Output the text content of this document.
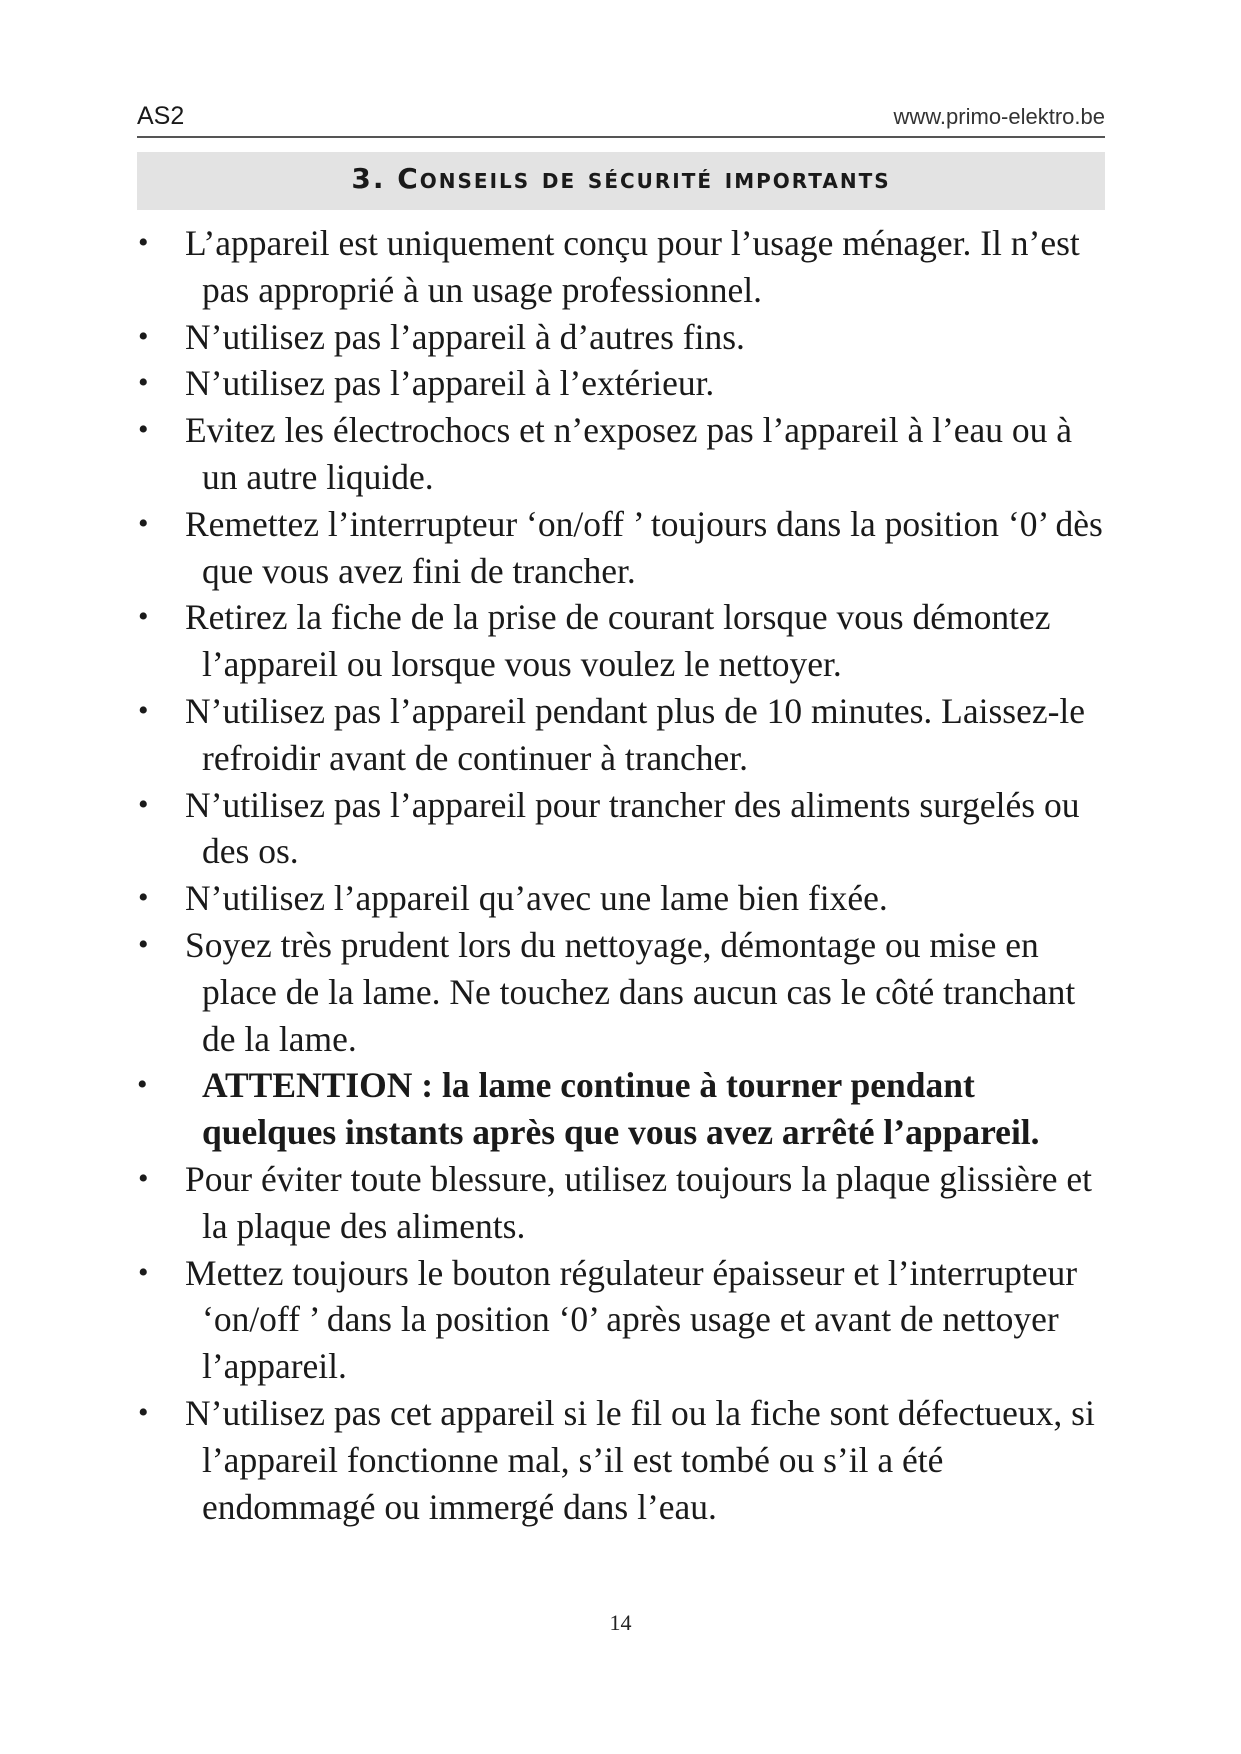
AS2	www.primo-elektro.be
3. Conseils de sécurité importants
• L’appareil est uniquement conçu pour l’usage ménager. Il n’est pas approprié à un usage professionnel.
• N’utilisez pas l’appareil à d’autres fins.
• N’utilisez pas l’appareil à l’extérieur.
• Evitez les électrochocs et n’exposez pas l’appareil à l’eau ou à un autre liquide.
• Remettez l’interrupteur ‘on/off ’ toujours dans la position ‘0’ dès que vous avez fini de trancher.
• Retirez la fiche de la prise de courant lorsque vous démontez l’appareil ou lorsque vous voulez le nettoyer.
• N’utilisez pas l’appareil pendant plus de 10 minutes. Laissez-le refroidir avant de continuer à trancher.
• N’utilisez pas l’appareil pour trancher des aliments surgelés ou des os.
• N’utilisez l’appareil qu’avec une lame bien fixée.
• Soyez très prudent lors du nettoyage, démontage ou mise en place de la lame. Ne touchez dans aucun cas le côté tranchant de la lame.
•	ATTENTION : la lame continue à tourner pendant quelques instants après que vous avez arrêté l’appareil.
• Pour éviter toute blessure, utilisez toujours la plaque glissière et la plaque des aliments.
• Mettez toujours le bouton régulateur épaisseur et l’interrupteur ‘on/off ’ dans la position ‘0’ après usage et avant de nettoyer l’appareil.
• N’utilisez pas cet appareil si le fil ou la fiche sont défectueux, si l’appareil fonctionne mal, s’il est tombé ou s’il a été endommagé ou immergé dans l’eau.
14
